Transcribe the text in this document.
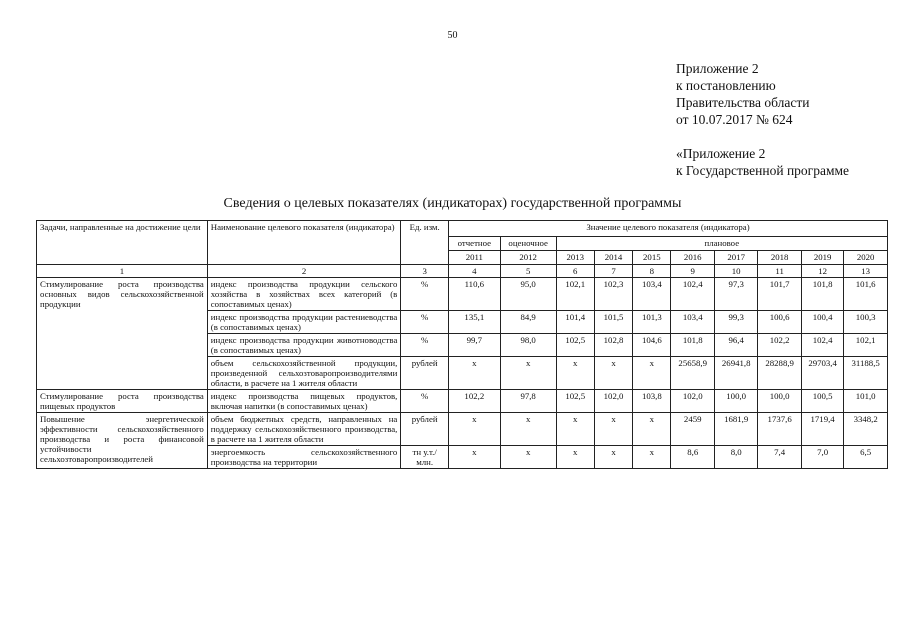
50
Приложение 2
к постановлению
Правительства области
от 10.07.2017 № 624
«Приложение 2
к Государственной программе
Сведения о целевых показателях (индикаторах) государственной программы
Задачи, направленные на достижение цели	Наименование целевого показателя (индикатора)	Ед. изм.	Значение целевого показателя (индикатора)									
			отчетное	оценочное	плановое							
			2011	2012	2013	2014	2015	2016	2017	2018	2019	2020
1	2	3	4	5	6	7	8	9	10	11	12	13
Стимулирование роста производства основных видов сельскохозяйственной продукции	индекс производства продукции сельского хозяйства в хозяйствах всех категорий (в сопоставимых ценах)	%	110,6	95,0	102,1	102,3	103,4	102,4	97,3	101,7	101,8	101,6
	индекс производства продукции растениеводства (в сопоставимых ценах)	%	135,1	84,9	101,4	101,5	101,3	103,4	99,3	100,6	100,4	100,3
	индекс производства продукции животноводства (в сопоставимых ценах)	%	99,7	98,0	102,5	102,8	104,6	101,8	96,4	102,2	102,4	102,1
	объем сельскохозяйственной продукции, произведенной сельхозтоваропроизводителями области, в расчете на 1 жителя области	рублей	х	х	х	х	х	25658,9	26941,8	28288,9	29703,4	31188,5
Стимулирование роста производства пищевых продуктов	индекс производства пищевых продуктов, включая напитки (в сопоставимых ценах)	%	102,2	97,8	102,5	102,0	103,8	102,0	100,0	100,0	100,5	101,0
Повышение энергетической эффективности сельскохозяйственного производства и роста финансовой устойчивости сельхозтоваропроизводителей	объем бюджетных средств, направленных на поддержку сельскохозяйственного производства, в расчете на 1 жителя области	рублей	х	х	х	х	х	2459	1681,9	1737,6	1719,4	3348,2
	энергоемкость сельскохозяйственного производства на территории	тн у.т./млн.	х	х	х	х	х	8,6	8,0	7,4	7,0	6,5
